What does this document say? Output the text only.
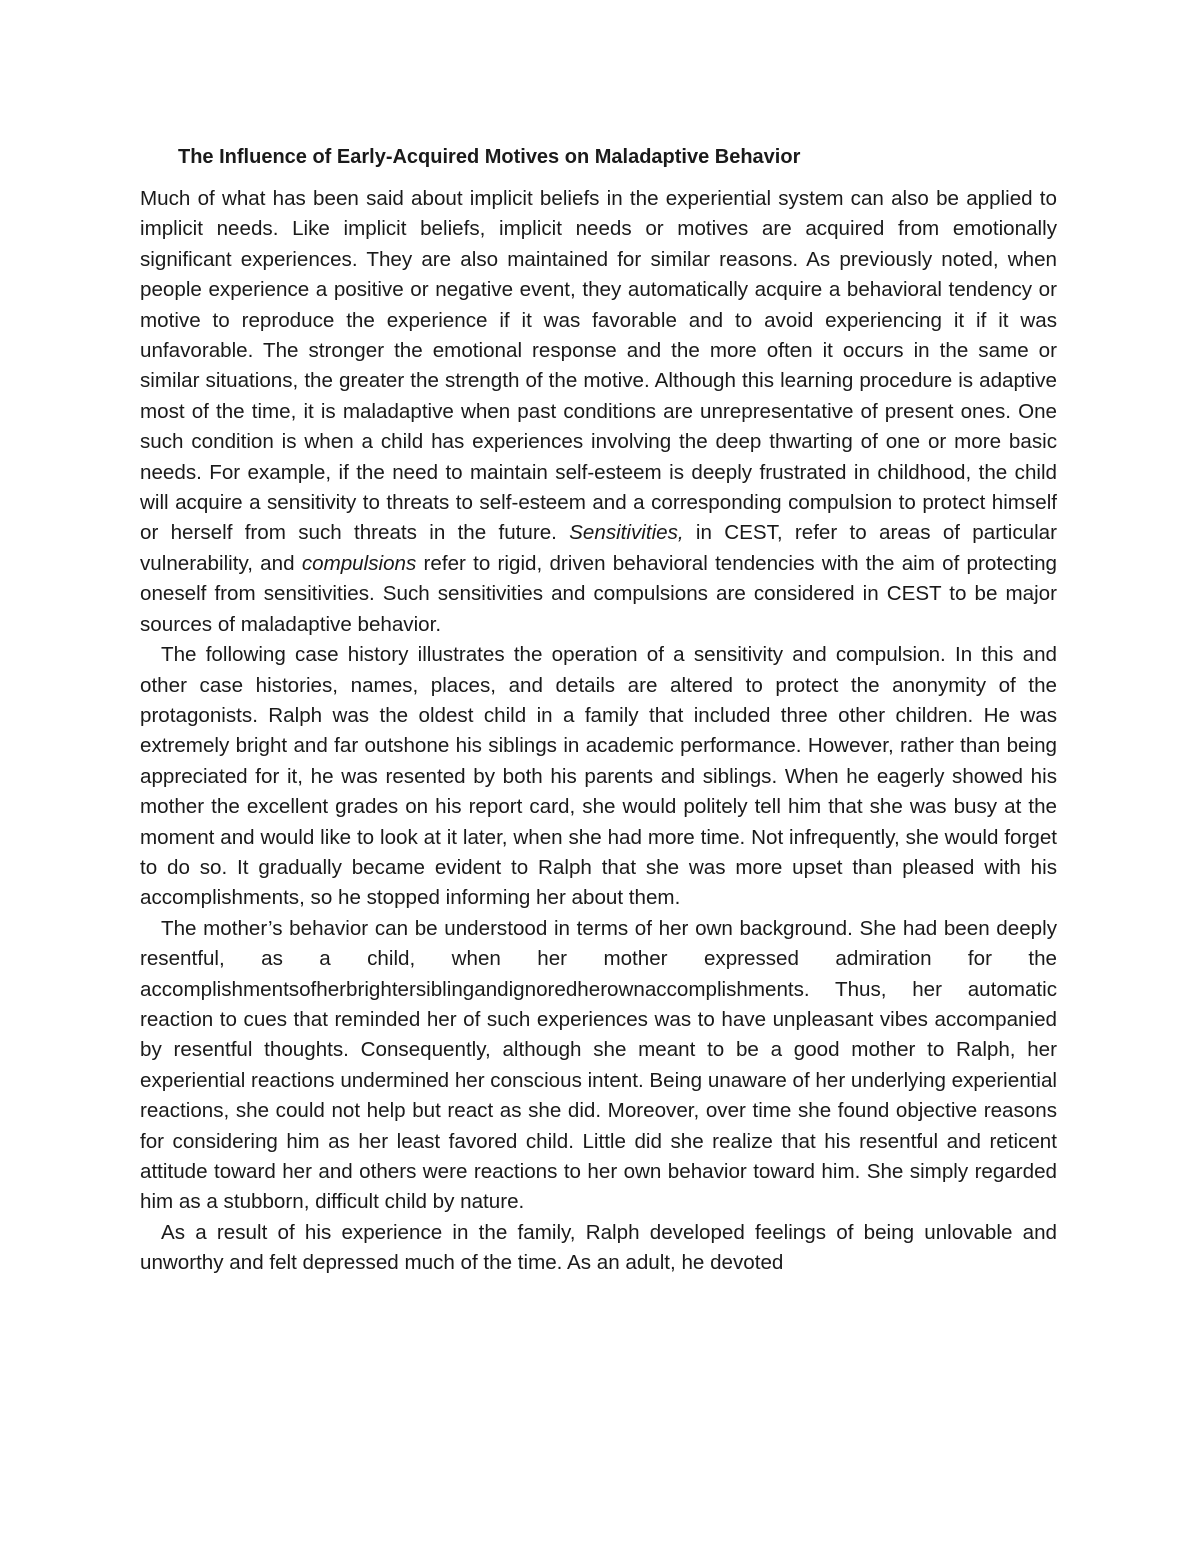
The Influence of Early-Acquired Motives on Maladaptive Behavior

Much of what has been said about implicit beliefs in the experiential system can also be applied to implicit needs. Like implicit beliefs, implicit needs or motives are acquired from emotionally significant experiences. They are also maintained for similar reasons. As previously noted, when people experience a positive or negative event, they automatically acquire a behavioral tendency or motive to reproduce the experience if it was favorable and to avoid experiencing it if it was unfavorable. The stronger the emotional response and the more often it occurs in the same or similar situations, the greater the strength of the motive. Although this learning procedure is adaptive most of the time, it is maladaptive when past conditions are unrepresentative of present ones. One such condition is when a child has experiences involving the deep thwarting of one or more basic needs. For example, if the need to maintain self-esteem is deeply frustrated in childhood, the child will acquire a sensitivity to threats to self-esteem and a corresponding compulsion to protect himself or herself from such threats in the future. Sensitivities, in CEST, refer to areas of particular vulnerability, and compulsions refer to rigid, driven behavioral tendencies with the aim of protecting oneself from sensitivities. Such sensitivities and compulsions are considered in CEST to be major sources of maladaptive behavior.

The following case history illustrates the operation of a sensitivity and compulsion. In this and other case histories, names, places, and details are altered to protect the anonymity of the protagonists. Ralph was the oldest child in a family that included three other children. He was extremely bright and far outshone his siblings in academic performance. However, rather than being appreciated for it, he was resented by both his parents and siblings. When he eagerly showed his mother the excellent grades on his report card, she would politely tell him that she was busy at the moment and would like to look at it later, when she had more time. Not infrequently, she would forget to do so. It gradually became evident to Ralph that she was more upset than pleased with his accomplishments, so he stopped informing her about them.

The mother’s behavior can be understood in terms of her own background. She had been deeply resentful, as a child, when her mother expressed admiration for the accomplishmentsofherbrightersiblingandignoredherownaccomplishments. Thus, her automatic reaction to cues that reminded her of such experiences was to have unpleasant vibes accompanied by resentful thoughts. Consequently, although she meant to be a good mother to Ralph, her experiential reactions undermined her conscious intent. Being unaware of her underlying experiential reactions, she could not help but react as she did. Moreover, over time she found objective reasons for considering him as her least favored child. Little did she realize that his resentful and reticent attitude toward her and others were reactions to her own behavior toward him. She simply regarded him as a stubborn, difficult child by nature.

As a result of his experience in the family, Ralph developed feelings of being unlovable and unworthy and felt depressed much of the time. As an adult, he devoted
